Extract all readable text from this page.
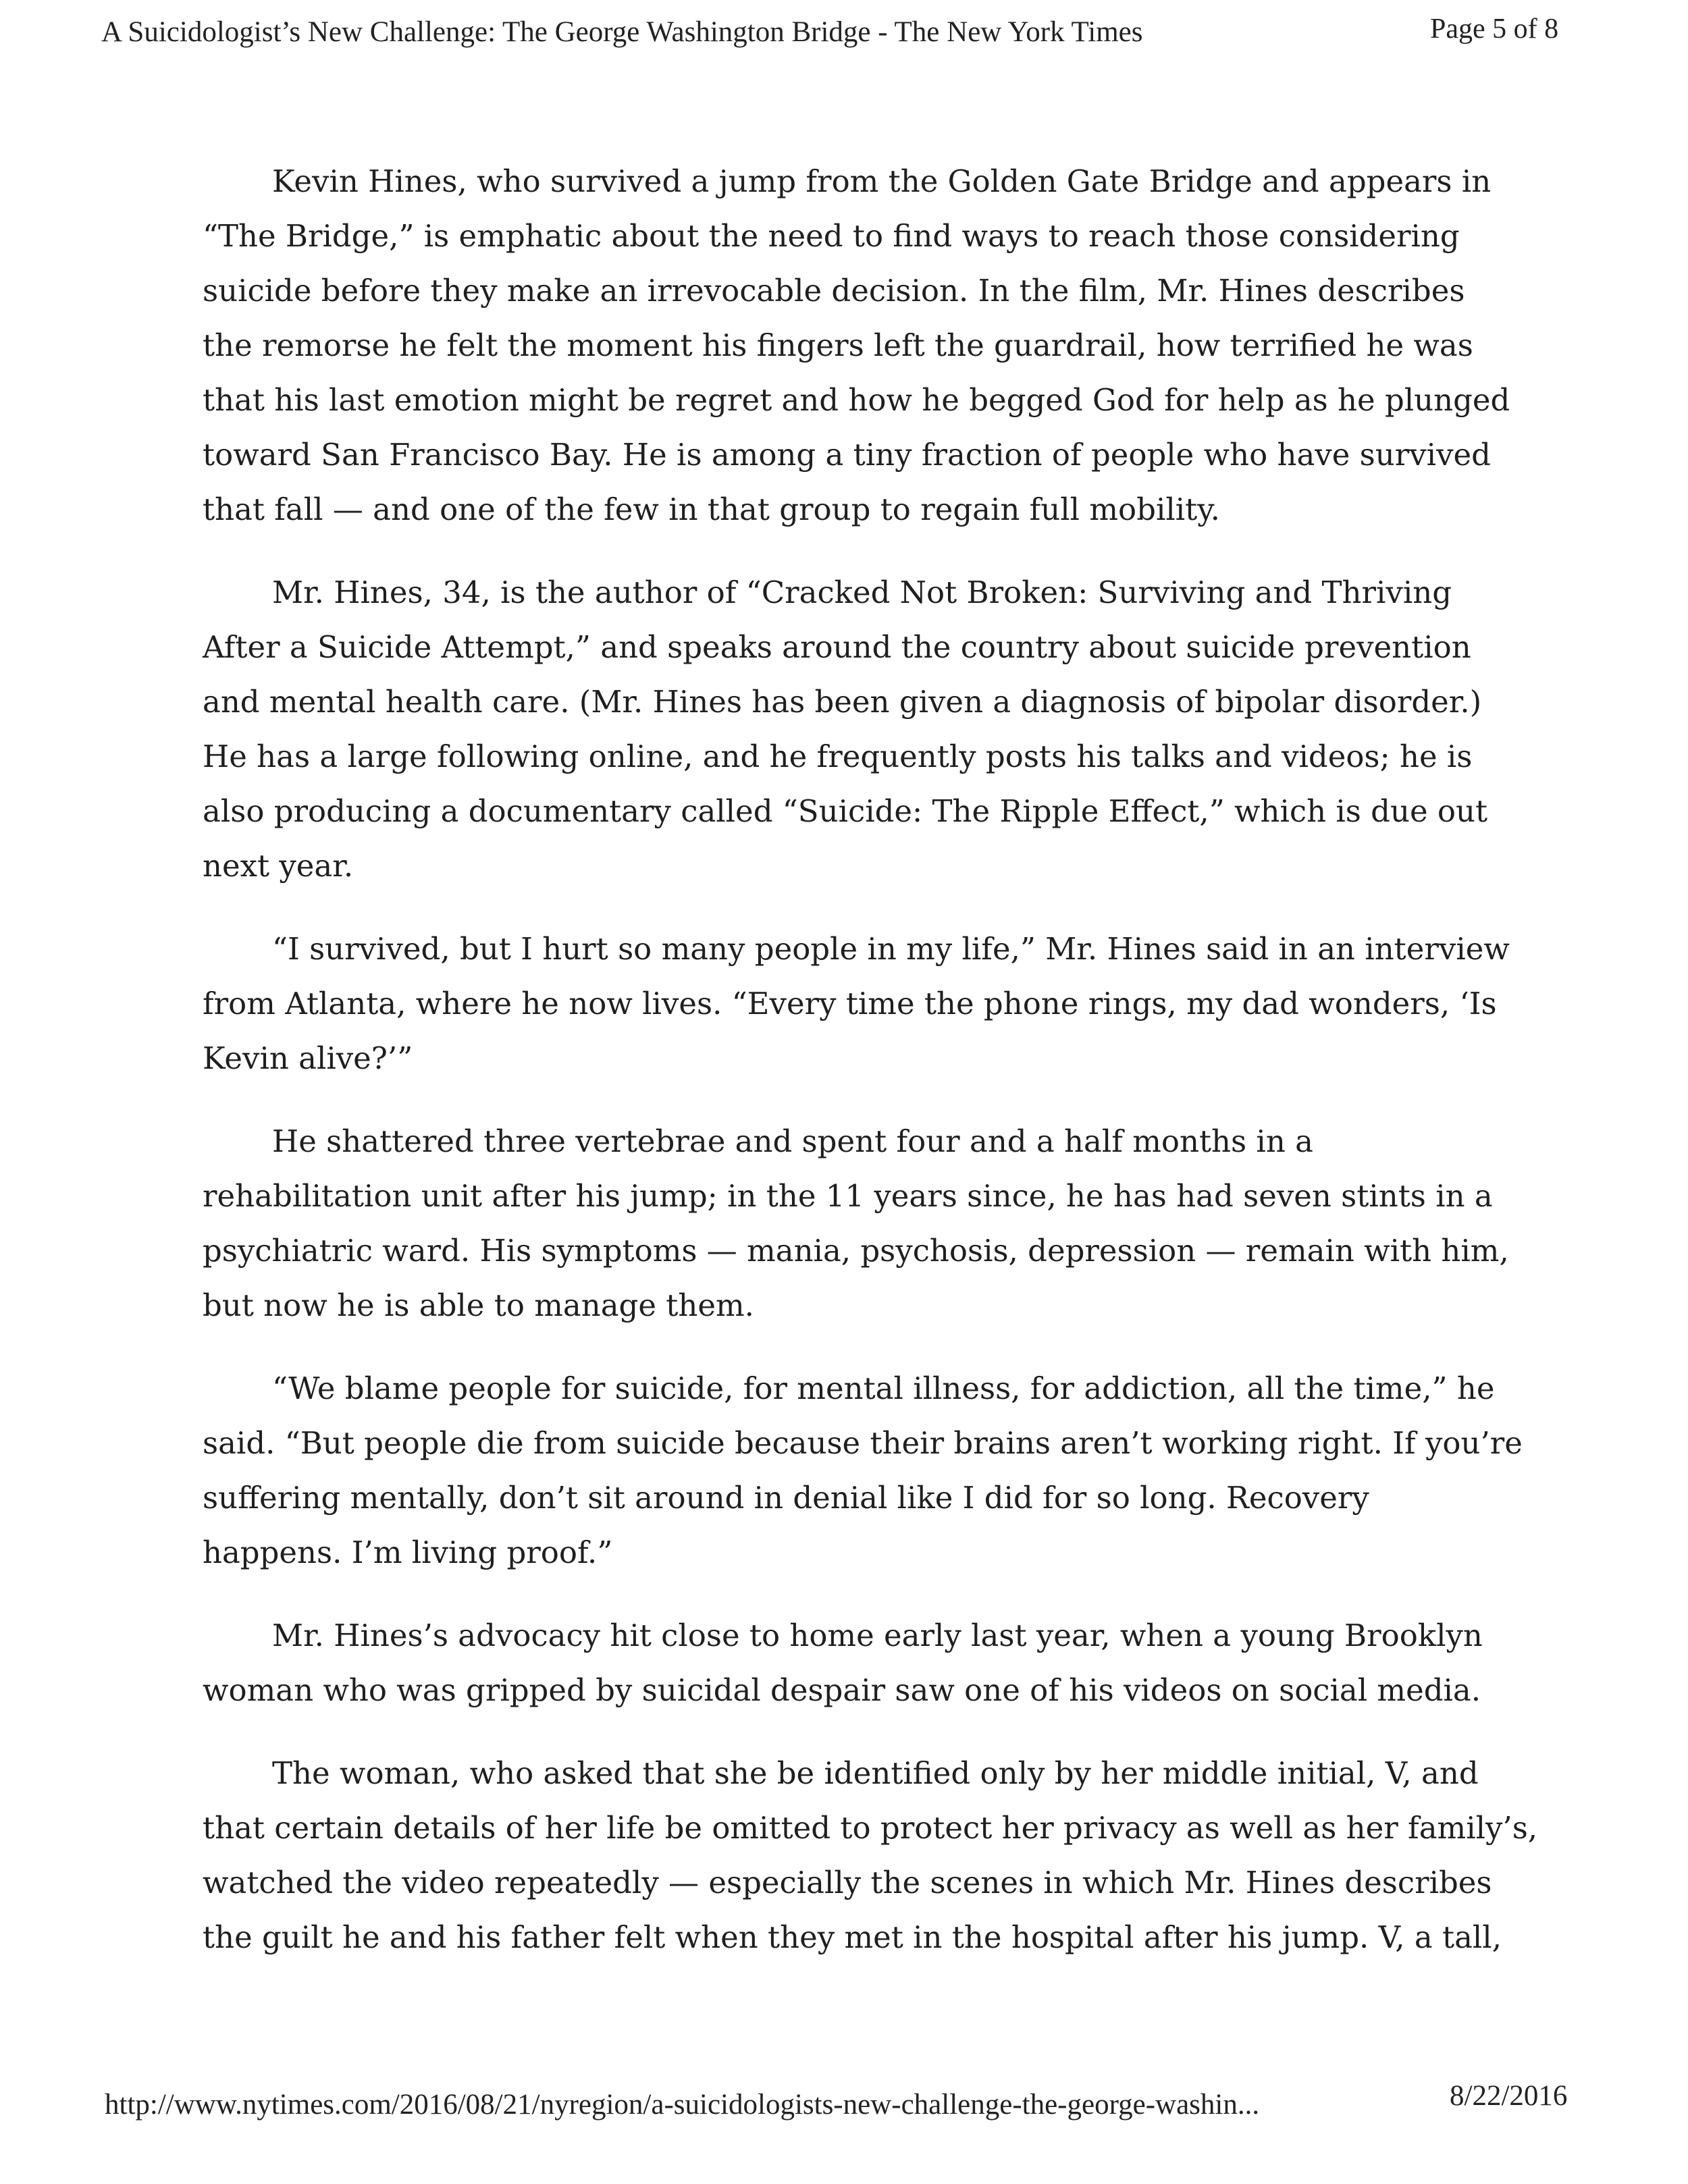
A Suicidologist’s New Challenge: The George Washington Bridge - The New York Times	Page 5 of 8
Kevin Hines, who survived a jump from the Golden Gate Bridge and appears in
“The Bridge,” is emphatic about the need to find ways to reach those considering
suicide before they make an irrevocable decision. In the film, Mr. Hines describes
the remorse he felt the moment his fingers left the guardrail, how terrified he was
that his last emotion might be regret and how he begged God for help as he plunged
toward San Francisco Bay. He is among a tiny fraction of people who have survived
that fall — and one of the few in that group to regain full mobility.
Mr. Hines, 34, is the author of “Cracked Not Broken: Surviving and Thriving
After a Suicide Attempt,” and speaks around the country about suicide prevention
and mental health care. (Mr. Hines has been given a diagnosis of bipolar disorder.)
He has a large following online, and he frequently posts his talks and videos; he is
also producing a documentary called “Suicide: The Ripple Effect,” which is due out
next year.
“I survived, but I hurt so many people in my life,” Mr. Hines said in an interview
from Atlanta, where he now lives. “Every time the phone rings, my dad wonders, ‘Is
Kevin alive?’”
He shattered three vertebrae and spent four and a half months in a
rehabilitation unit after his jump; in the 11 years since, he has had seven stints in a
psychiatric ward. His symptoms — mania, psychosis, depression — remain with him,
but now he is able to manage them.
“We blame people for suicide, for mental illness, for addiction, all the time,” he
said. “But people die from suicide because their brains aren’t working right. If you’re
suffering mentally, don’t sit around in denial like I did for so long. Recovery
happens. I’m living proof.”
Mr. Hines’s advocacy hit close to home early last year, when a young Brooklyn
woman who was gripped by suicidal despair saw one of his videos on social media.
The woman, who asked that she be identified only by her middle initial, V, and
that certain details of her life be omitted to protect her privacy as well as her family’s,
watched the video repeatedly — especially the scenes in which Mr. Hines describes
the guilt he and his father felt when they met in the hospital after his jump. V, a tall,
http://www.nytimes.com/2016/08/21/nyregion/a-suicidologists-new-challenge-the-george-washin...	8/22/2016
